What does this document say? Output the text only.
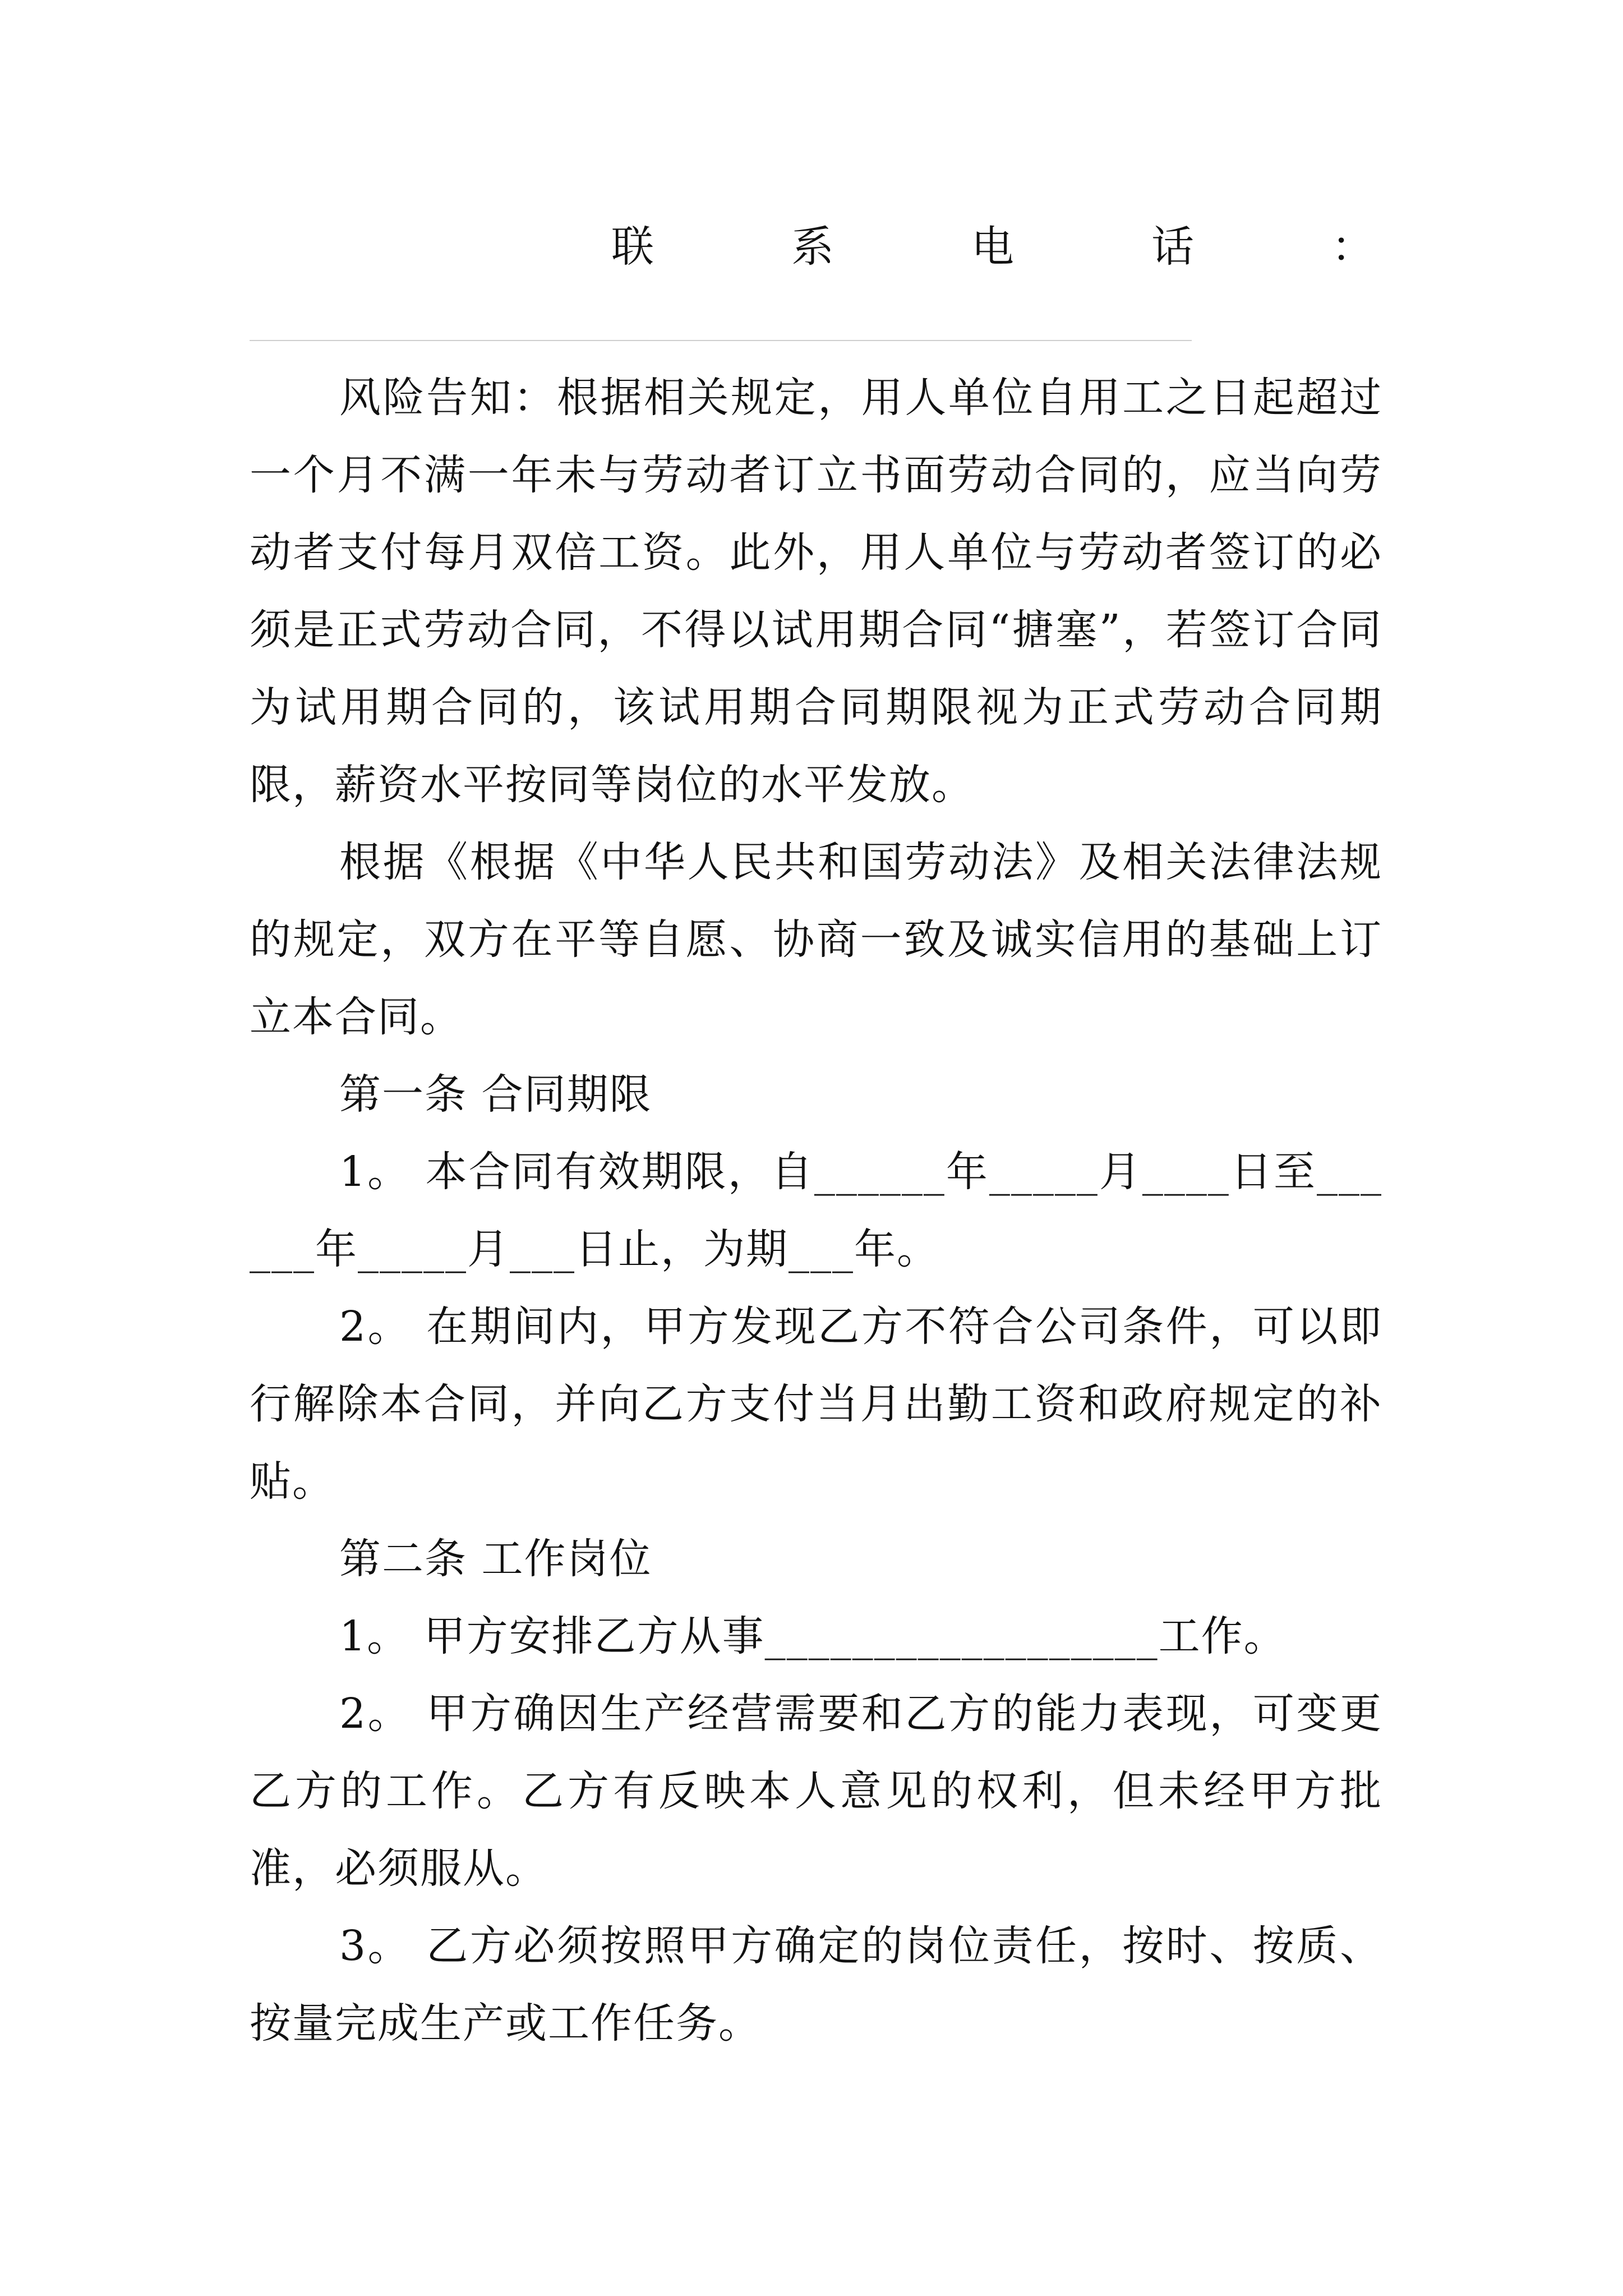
联	系	电	话	：

风险告知：根据相关规定，用人单位自用工之日起超过一个月不满一年未与劳动者订立书面劳动合同的，应当向劳动者支付每月双倍工资。此外，用人单位与劳动者签订的必须是正式劳动合同，不得以试用期合同“搪塞”，若签订合同为试用期合同的，该试用期合同期限视为正式劳动合同期限，薪资水平按同等岗位的水平发放。

根据《根据《中华人民共和国劳动法》及相关法律法规的规定，双方在平等自愿、协商一致及诚实信用的基础上订立本合同。

第一条 合同期限

1。 本合同有效期限，自______年_____月____日至______年_____月___日止，为期___年。

2。 在期间内，甲方发现乙方不符合公司条件，可以即行解除本合同，并向乙方支付当月出勤工资和政府规定的补贴。

第二条 工作岗位

1。 甲方安排乙方从事__________________工作。

2。 甲方确因生产经营需要和乙方的能力表现，可变更乙方的工作。乙方有反映本人意见的权利，但未经甲方批准，必须服从。

3。 乙方必须按照甲方确定的岗位责任，按时、按质、按量完成生产或工作任务。
